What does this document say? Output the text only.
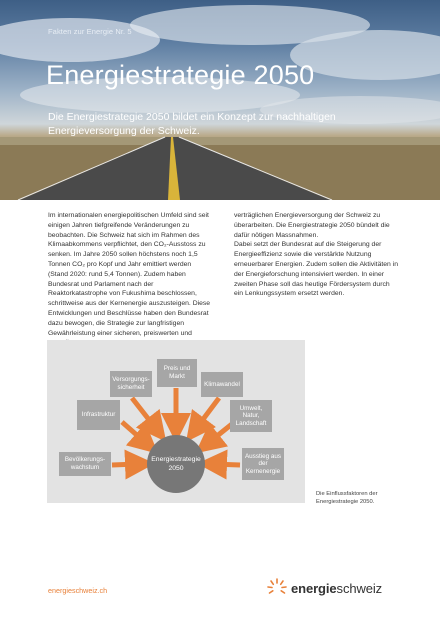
Fakten zur Energie Nr. 5
Energiestrategie 2050
Die Energiestrategie 2050 bildet ein Konzept zur nachhaltigen Energieversorgung der Schweiz.

Im internationalen energiepolitischen Umfeld sind seit einigen Jahren tiefgreifende Veränderungen zu beobachten. Die Schweiz hat sich im Rahmen des Klimaabkommens verpflichtet, den CO₂-Ausstoss zu senken. Im Jahre 2050 sollen höchstens noch 1,5 Tonnen CO₂ pro Kopf und Jahr emittiert werden (Stand 2020: rund 5,4 Tonnen). Zudem haben Bundesrat und Parlament nach der Reaktorkatastrophe von Fukushima beschlossen, schrittweise aus der Kernenergie auszusteigen. Diese Entwicklungen und Beschlüsse haben den Bundesrat dazu bewogen, die Strategie zur langfristigen Gewährleistung einer sicheren, preiswerten und

verträglichen Energieversorgung der Schweiz zu überarbeiten. Die Energiestrategie 2050 bündelt die dafür nötigen Massnahmen.

Dabei setzt der Bundesrat auf die Steigerung der Energieeffizienz sowie die verstärkte Nutzung erneuerbarer Energien. Zudem sollen die Aktivitäten in der Energieforschung intensiviert werden. In einer zweiten Phase soll das heutige Fördersystem durch ein Lenkungssystem ersetzt werden.

Preis und Markt
Versorgungs-sicherheit	Klimawandel
Infrastruktur
Umwelt, Natur, Landschaft
Bevölkerungs-wachstum
Ausstieg aus der Kernenergie
Energiestrategie
2050
Die Einflussfaktoren der Energiestrategie 2050.
energieschweiz.ch	energieschweiz
